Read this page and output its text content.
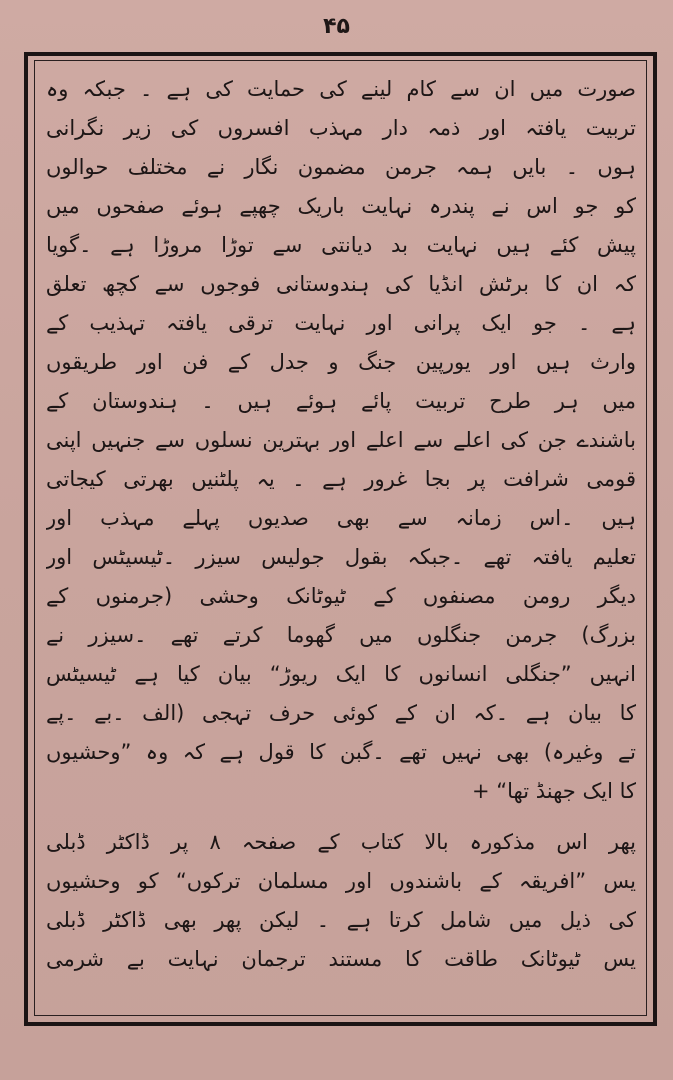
۴۵
صورت میں ان سے کام لینے کی حمایت کی ہے ۔ جبکہ وہ
تربیت یافتہ اور ذمہ دار مہذب افسروں کی زیر نگرانی
ہوں ۔ بایں ہمہ جرمن مضمون نگار نے مختلف حوالوں
کو جو اس نے پندرہ نہایت باریک چھپے ہوئے صفحوں میں
پیش کئے ہیں نہایت بد دیانتی سے توڑا مروڑا ہے ۔گویا
کہ ان کا برٹش انڈیا کی ہندوستانی فوجوں سے کچھ تعلق
ہے ۔ جو ایک پرانی اور نہایت ترقی یافتہ تہذیب کے
وارث ہیں اور یورپین جنگ و جدل کے فن اور طریقوں
میں ہر طرح تربیت پائے ہوئے ہیں ۔ ہندوستان کے
باشندے جن کی اعلے سے اعلے اور بہترین نسلوں سے جنہیں اپنی
قومی شرافت پر بجا غرور ہے ۔ یہ پلٹنیں بھرتی کیجاتی
ہیں ۔اس زمانہ سے بھی صدیوں پہلے مہذب اور
تعلیم یافتہ تھے ۔جبکہ بقول جولیس سیزر ۔ٹیسیٹس اور
دیگر رومن مصنفوں کے ٹیوٹانک وحشی (جرمنوں کے
بزرگ) جرمن جنگلوں میں گھوما کرتے تھے ۔سیزر نے
انہیں ”جنگلی انسانوں کا ایک ریوڑ“ بیان کیا ہے ٹیسیٹس
کا بیان ہے ۔کہ ان کے کوئی حرف تہجی (الف ۔بے ۔پے
تے وغیرہ) بھی نہیں تھے ۔گبن کا قول ہے کہ وہ ”وحشیوں
کا ایک جھنڈ تھا“ +
پھر اس مذکورہ بالا کتاب کے صفحہ ۸ پر ڈاکٹر ڈبلی
یس ”افریقہ کے باشندوں اور مسلمان ترکوں“ کو وحشیوں
کی ذیل میں شامل کرتا ہے ۔ لیکن پھر بھی ڈاکٹر ڈبلی
یس ٹیوٹانک طاقت کا مستند ترجمان نہایت بے شرمی
